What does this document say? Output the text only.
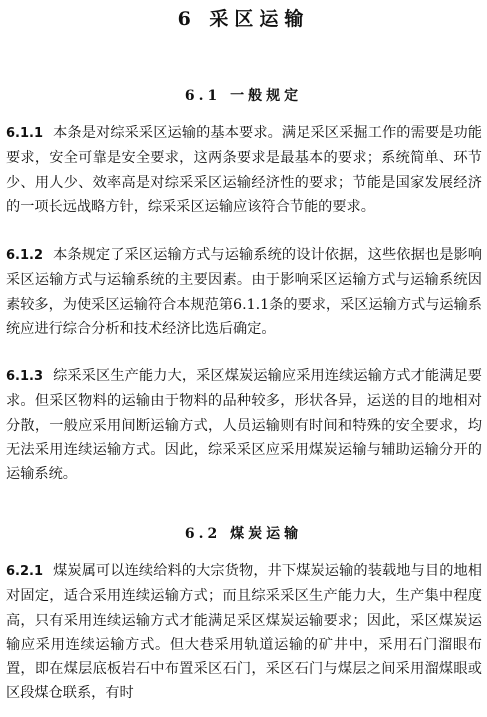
6 采区运输
6.1 一般规定
6.1.1 本条是对综采采区运输的基本要求。满足采区采掘工作的需要是功能要求，安全可靠是安全要求，这两条要求是最基本的要求；系统简单、环节少、用人少、效率高是对综采采区运输经济性的要求；节能是国家发展经济的一项长远战略方针，综采采区运输应该符合节能的要求。
6.1.2 本条规定了采区运输方式与运输系统的设计依据，这些依据也是影响采区运输方式与运输系统的主要因素。由于影响采区运输方式与运输系统因素较多，为使采区运输符合本规范第6.1.1条的要求，采区运输方式与运输系统应进行综合分析和技术经济比选后确定。
6.1.3 综采采区生产能力大，采区煤炭运输应采用连续运输方式才能满足要求。但采区物料的运输由于物料的品种较多，形状各异，运送的目的地相对分散，一般应采用间断运输方式，人员运输则有时间和特殊的安全要求，均无法采用连续运输方式。因此，综采采区应采用煤炭运输与辅助运输分开的运输系统。
6.2 煤炭运输
6.2.1 煤炭属可以连续给料的大宗货物，井下煤炭运输的装载地与目的地相对固定，适合采用连续运输方式；而且综采采区生产能力大，生产集中程度高，只有采用连续运输方式才能满足采区煤炭运输要求；因此，采区煤炭运输应采用连续运输方式。但大巷采用轨道运输的矿井中，采用石门溜眼布置，即在煤层底板岩石中布置采区石门，采区石门与煤层之间采用溜煤眼或区段煤仓联系，有时
